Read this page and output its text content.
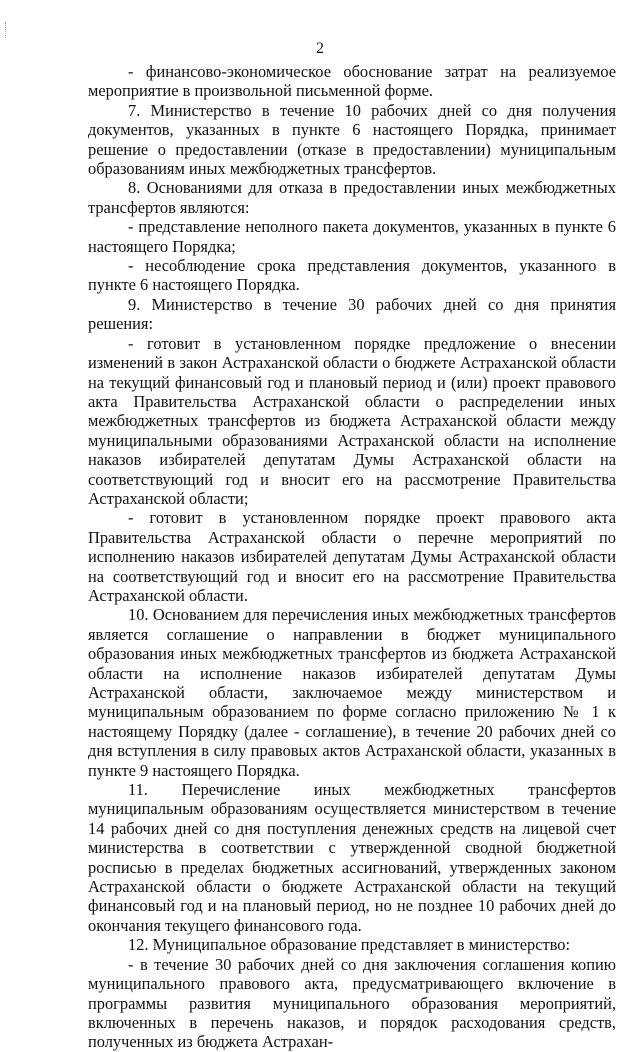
2

- финансово-экономическое обоснование затрат на реализуемое мероприятие в произвольной письменной форме.

7. Министерство в течение 10 рабочих дней со дня получения документов, указанных в пункте 6 настоящего Порядка, принимает решение о предоставлении (отказе в предоставлении) муниципальным образованиям иных межбюджетных трансфертов.

8. Основаниями для отказа в предоставлении иных межбюджетных трансфертов являются:

- представление неполного пакета документов, указанных в пункте 6 настоящего Порядка;

- несоблюдение срока представления документов, указанного в пункте 6 настоящего Порядка.

9. Министерство в течение 30 рабочих дней со дня принятия решения:

- готовит в установленном порядке предложение о внесении изменений в закон Астраханской области о бюджете Астраханской области на текущий финансовый год и плановый период и (или) проект правового акта Правительства Астраханской области о распределении иных межбюджетных трансфертов из бюджета Астраханской области между муниципальными образованиями Астраханской области на исполнение наказов избирателей депутатам Думы Астраханской области на соответствующий год и вносит его на рассмотрение Правительства Астраханской области;

- готовит в установленном порядке проект правового акта Правительства Астраханской области о перечне мероприятий по исполнению наказов избирателей депутатам Думы Астраханской области на соответствующий год и вносит его на рассмотрение Правительства Астраханской области.

10. Основанием для перечисления иных межбюджетных трансфертов является соглашение о направлении в бюджет муниципального образования иных межбюджетных трансфертов из бюджета Астраханской области на исполнение наказов избирателей депутатам Думы Астраханской области, заключаемое между министерством и муниципальным образованием по форме согласно приложению № 1 к настоящему Порядку (далее - соглашение), в течение 20 рабочих дней со дня вступления в силу правовых актов Астраханской области, указанных в пункте 9 настоящего Порядка.

11. Перечисление иных межбюджетных трансфертов муниципальным образованиям осуществляется министерством в течение 14 рабочих дней со дня поступления денежных средств на лицевой счет министерства в соответствии с утвержденной сводной бюджетной росписью в пределах бюджетных ассигнований, утвержденных законом Астраханской области о бюджете Астраханской области на текущий финансовый год и на плановый период, но не позднее 10 рабочих дней до окончания текущего финансового года.

12. Муниципальное образование представляет в министерство:

- в течение 30 рабочих дней со дня заключения соглашения копию муниципального правового акта, предусматривающего включение в программы развития муниципального образования мероприятий, включенных в перечень наказов, и порядок расходования средств, полученных из бюджета Астрахан-
